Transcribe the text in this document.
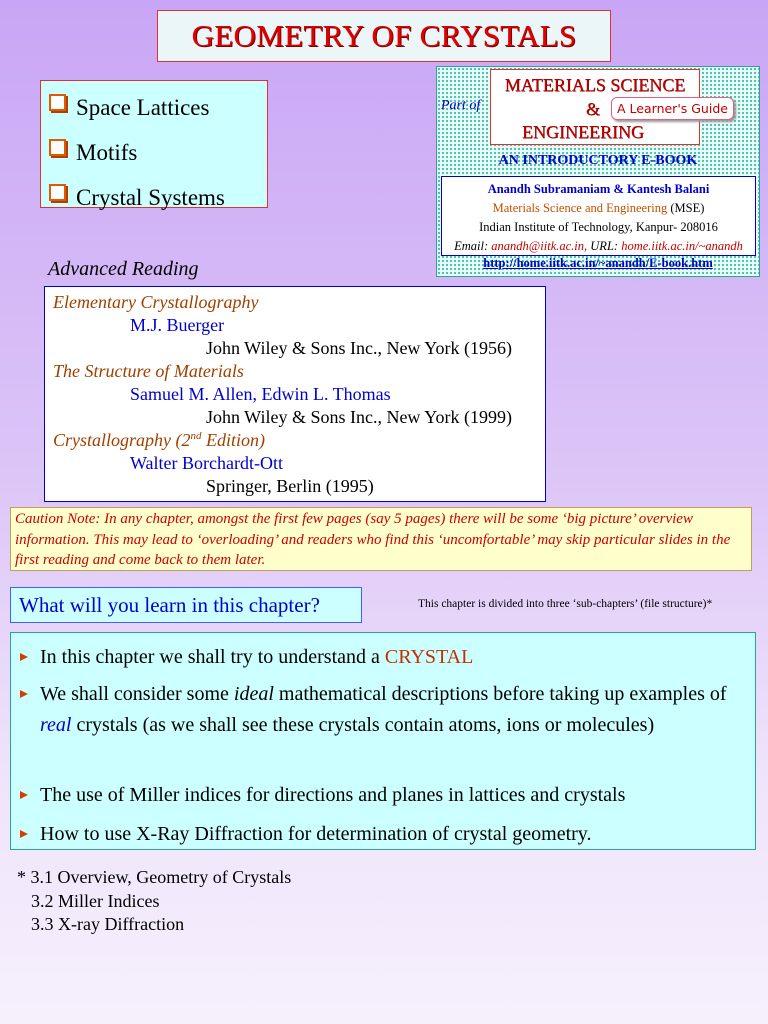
GEOMETRY OF CRYSTALS
Space Lattices
Motifs
Crystal Systems
Part of
MATERIALS SCIENCE
&
ENGINEERING
A Learner's Guide
AN INTRODUCTORY E-BOOK
Anandh Subramaniam & Kantesh Balani
Materials Science and Engineering (MSE)
Indian Institute of Technology, Kanpur- 208016
Email: anandh@iitk.ac.in, URL: home.iitk.ac.in/~anandh
http://home.iitk.ac.in/~anandh/E-book.htm
Advanced Reading
Elementary Crystallography
M.J. Buerger
John Wiley & Sons Inc., New York (1956)
The Structure of Materials
Samuel M. Allen, Edwin L. Thomas
John Wiley & Sons Inc., New York (1999)
Crystallography (2nd Edition)
Walter Borchardt-Ott
Springer, Berlin (1995)
Caution Note: In any chapter, amongst the first few pages (say 5 pages) there will be some ‘big picture’ overview information. This may lead to ‘overloading’ and readers who find this ‘uncomfortable’ may skip particular slides in the first reading and come back to them later.
What will you learn in this chapter?	This chapter is divided into three ‘sub-chapters’ (file structure)*
In this chapter we shall try to understand a CRYSTAL
We shall consider some ideal mathematical descriptions before taking up examples of real crystals (as we shall see these crystals contain atoms, ions or molecules)
The use of Miller indices for directions and planes in lattices and crystals
How to use X-Ray Diffraction for determination of crystal geometry.
* 3.1 Overview, Geometry of Crystals
3.2 Miller Indices
3.3 X-ray Diffraction
